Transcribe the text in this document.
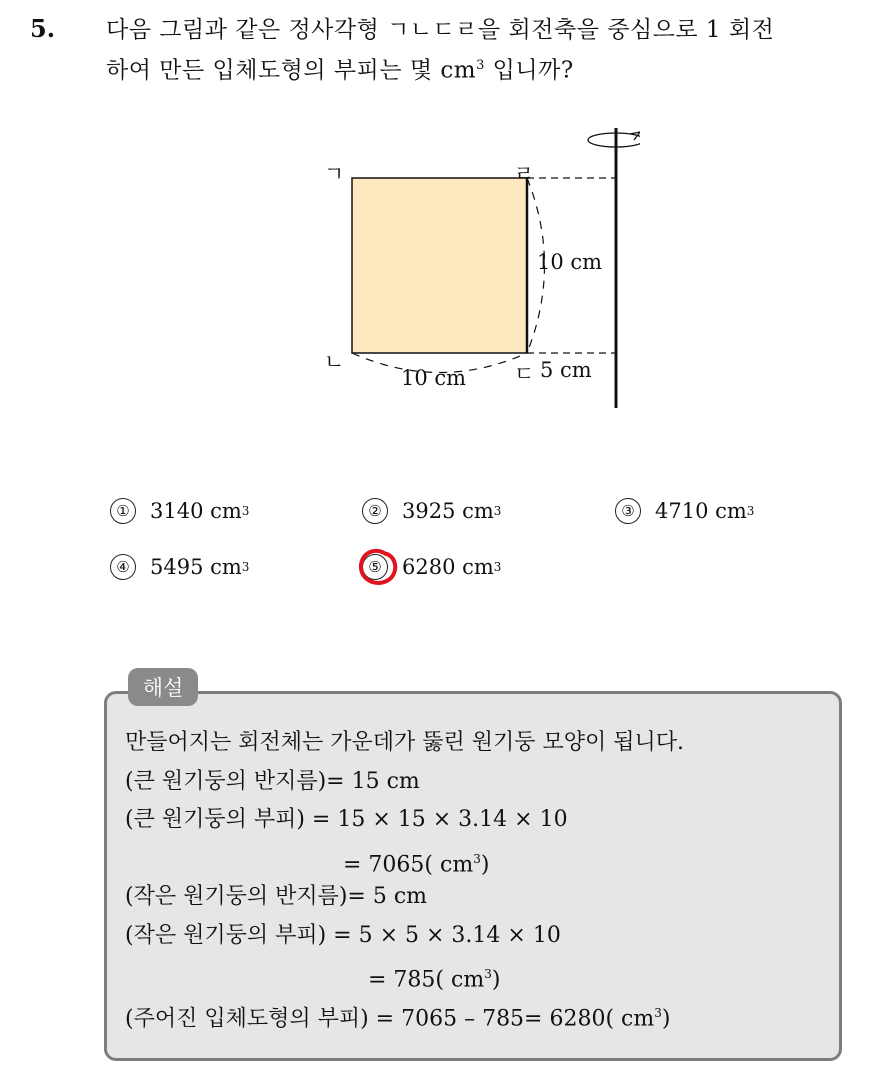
5. 다음 그림과 같은 정사각형 ㄱㄴㄷㄹ을 회전축을 중심으로 1 회전
하여 만든 입체도형의 부피는 몇 $cm^3$ 입니까?
ㄱ	ㄹ
ㄴ	ㄷ
10 cm
10 cm	5 cm
① 3140 cm 3	② 3925 cm 3	③ 4710 cm 3
④ 5495 cm 3	⑤ 6280 cm 3
해설
만들어지는 회전체는 가운데가 뚫린 원기둥 모양이 됩니다.
(큰 원기둥의 반지름)= 15 cm
(큰 원기둥의 부피) = 15 × 15 × 3.14 × 10
= 7065( $cm^3$)
(작은 원기둥의 반지름)= 5 cm
(작은 원기둥의 부피) = 5 × 5 × 3.14 × 10
= 785( $cm^3$)
(주어진 입체도형의 부피) = 7065 – 785= 6280( $cm^3$)
